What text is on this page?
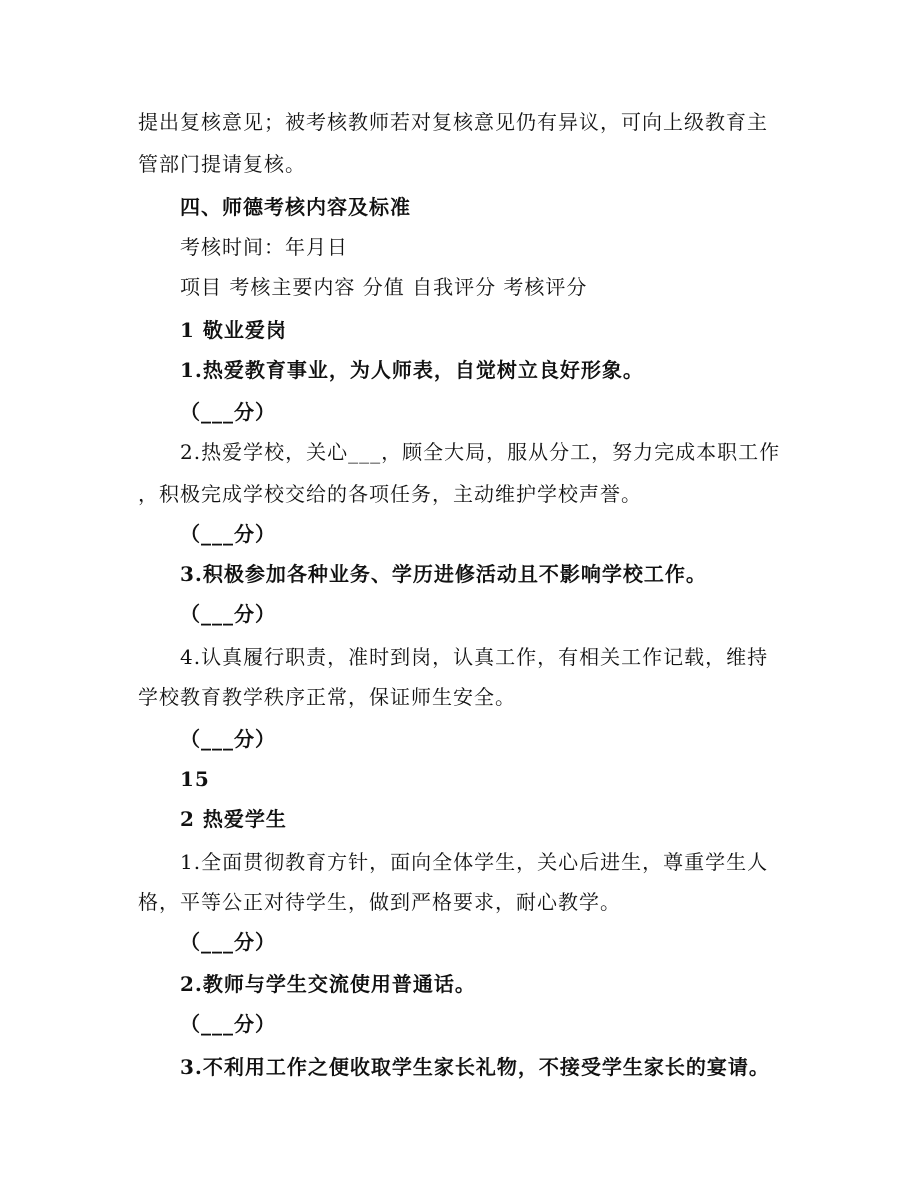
提出复核意见；被考核教师若对复核意见仍有异议，可向上级教育主
管部门提请复核。
四、师德考核内容及标准
考核时间：年月日
项目 考核主要内容 分值 自我评分 考核评分
1 敬业爱岗
1.热爱教育事业，为人师表，自觉树立良好形象。
（___分）
2.热爱学校，关心___，顾全大局，服从分工，努力完成本职工作
，积极完成学校交给的各项任务，主动维护学校声誉。
（___分）
3.积极参加各种业务、学历进修活动且不影响学校工作。
（___分）
4.认真履行职责，准时到岗，认真工作，有相关工作记载，维持
学校教育教学秩序正常，保证师生安全。
（___分）
15
2 热爱学生
1.全面贯彻教育方针，面向全体学生，关心后进生，尊重学生人
格，平等公正对待学生，做到严格要求，耐心教学。
（___分）
2.教师与学生交流使用普通话。
（___分）
3.不利用工作之便收取学生家长礼物，不接受学生家长的宴请。
